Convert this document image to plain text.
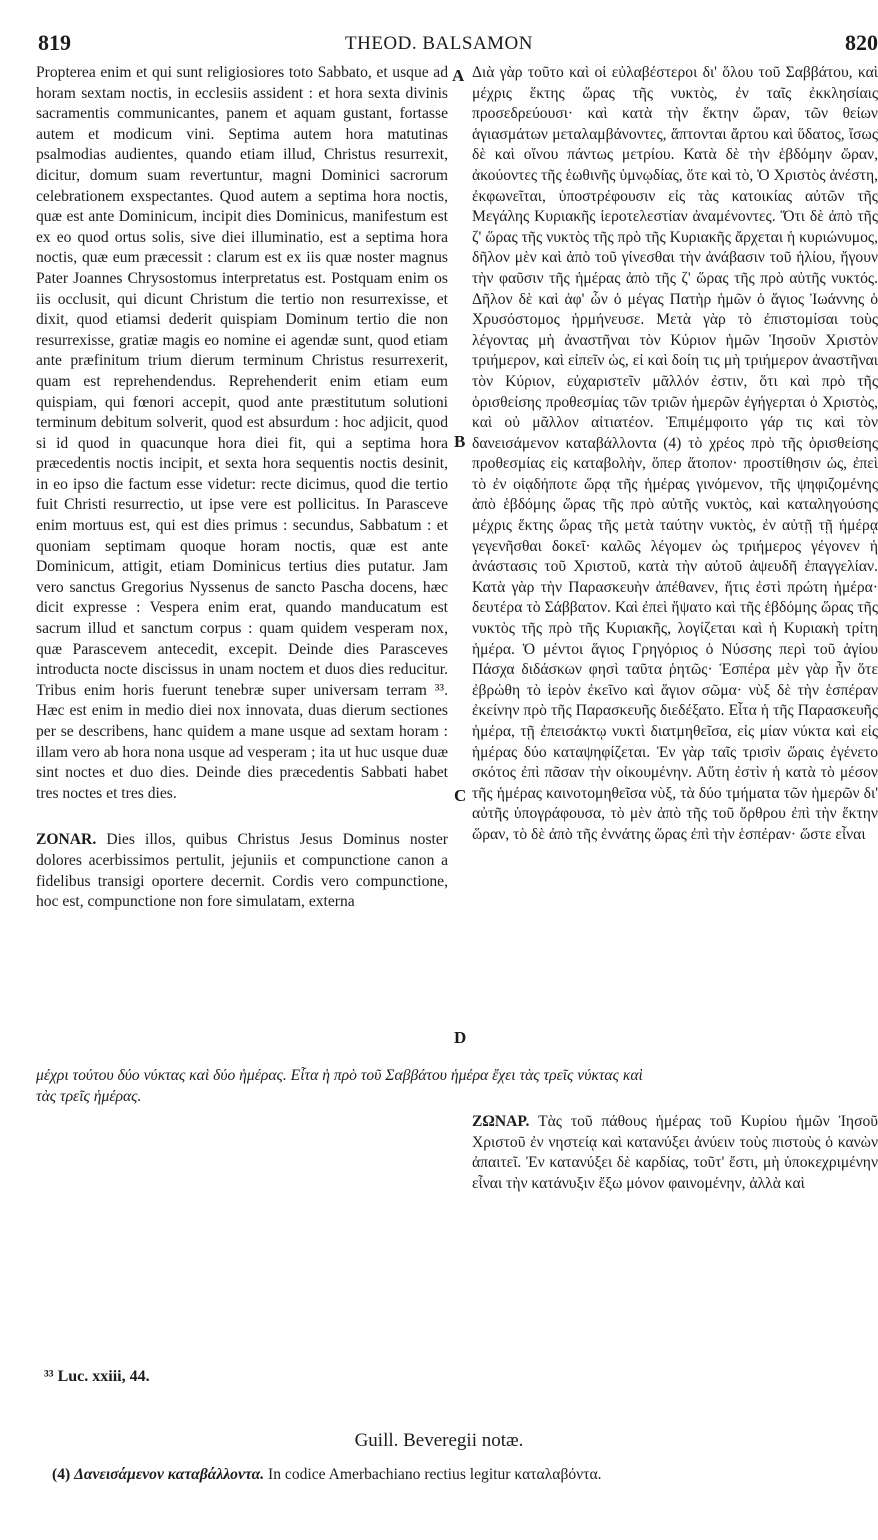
819	THEOD. BALSAMON	820

Propterea enim et qui sunt religiosiores toto Sabbato, et usque ad horam sextam noctis, in ecclesiis assident : et hora sexta divinis sacramentis communicantes, panem et aquam gustant, fortasse autem et modicum vini. Septima autem hora matutinas psalmodias audientes, quando etiam illud, Christus resurrexit, dicitur, domum suam revertuntur, magni Dominici sacrorum celebrationem exspectantes. Quod autem a septima hora noctis, quæ est ante Dominicum, incipit dies Dominicus, manifestum est ex eo quod ortus solis, sive diei illuminatio, est a septima hora noctis, quæ eum præcessit : clarum est ex iis quæ noster magnus Pater Joannes Chrysostomus interpretatus est. Postquam enim os iis occlusit, qui dicunt Christum die tertio non resurrexisse, et dixit, quod etiamsi dederit quispiam Dominum tertio die non resurrexisse, gratiæ magis eo nomine ei agendæ sunt, quod etiam ante præfinitum trium dierum terminum Christus resurrexerit, quam est reprehendendus. Reprehenderit enim etiam eum quispiam, qui fœnori accepit, quod ante præstitutum solutioni terminum debitum solverit, quod est absurdum : hoc adjicit, quod si id quod in quacunque hora diei fit, qui a septima hora præcedentis noctis incipit, et sexta hora sequentis noctis desinit, in eo ipso die factum esse videtur: recte dicimus, quod die tertio fuit Christi resurrectio, ut ipse vere est pollicitus. In Parasceve enim mortuus est, qui est dies primus : secundus, Sabbatum : et quoniam septimam quoque horam noctis, quæ est ante Dominicum, attigit, etiam Dominicus tertius dies putatur. Jam vero sanctus Gregorius Nyssenus de sancto Pascha docens, hæc dicit expresse : Vespera enim erat, quando manducatum est sacrum illud et sanctum corpus : quam quidem vesperam nox, quæ Parascevem antecedit, excepit. Deinde dies Parasceves introducta nocte discissus in unam noctem et duos dies reducitur. Tribus enim horis fuerunt tenebræ super universam terram ³³. Hæc est enim in medio diei nox innovata, duas dierum sectiones per se describens, hanc quidem a mane usque ad sextam horam : illam vero ab hora nona usque ad vesperam ; ita ut huc usque duæ sint noctes et duo dies. Deinde dies præcedentis Sabbati habet tres noctes et tres dies.

ZONAR. Dies illos, quibus Christus Jesus Dominus noster dolores acerbissimos pertulit, jejuniis et compunctione canon a fidelibus transigi oportere decernit. Cordis vero compunctione, hoc est, compunctione non fore simulatam, externa

A
B
C
D

Διὰ γὰρ τοῦτο καὶ οἱ εὐλαβέστεροι δι' ὅλου τοῦ Σαββάτου, καὶ μέχρις ἕκτης ὥρας τῆς νυκτὸς, ἐν ταῖς ἐκκλησίαις προσεδρεύουσι· καὶ κατὰ τὴν ἕκτην ὥραν, τῶν θείων ἁγιασμάτων μεταλαμβάνοντες, ἅπτονται ἄρτου καὶ ὕδατος, ἴσως δὲ καὶ οἴνου πάντως μετρίου. Κατὰ δὲ τὴν ἑβδόμην ὥραν, ἀκούοντες τῆς ἑωθινῆς ὑμνῳδίας, ὅτε καὶ τὸ, Ὁ Χριστὸς ἀνέστη, ἐκφωνεῖται, ὑποστρέφουσιν εἰς τὰς κατοικίας αὐτῶν τῆς Μεγάλης Κυριακῆς ἱεροτελεστίαν ἀναμένοντες. Ὅτι δὲ ἀπὸ τῆς ζ' ὥρας τῆς νυκτὸς τῆς πρὸ τῆς Κυριακῆς ἄρχεται ἡ κυριώνυμος, δῆλον μὲν καὶ ἀπὸ τοῦ γίνεσθαι τὴν ἀνάβασιν τοῦ ἡλίου, ἤγουν τὴν φαῦσιν τῆς ἡμέρας ἀπὸ τῆς ζ' ὥρας τῆς πρὸ αὐτῆς νυκτός. Δῆλον δὲ καὶ ἀφ' ὧν ὁ μέγας Πατὴρ ἡμῶν ὁ ἅγιος Ἰωάννης ὁ Χρυσόστομος ἡρμήνευσε. Μετὰ γὰρ τὸ ἐπιστομίσαι τοὺς λέγοντας μὴ ἀναστῆναι τὸν Κύριον ἡμῶν Ἰησοῦν Χριστὸν τριήμερον, καὶ εἰπεῖν ὡς, εἰ καὶ δοίη τις μὴ τριήμερον ἀναστῆναι τὸν Κύριον, εὐχαριστεῖν μᾶλλόν ἐστιν, ὅτι καὶ πρὸ τῆς ὁρισθείσης προθεσμίας τῶν τριῶν ἡμερῶν ἐγήγερται ὁ Χριστὸς, καὶ οὐ μᾶλλον αἰτιατέον. Ἐπιμέμφοιτο γάρ τις καὶ τὸν δανεισάμενον καταβάλλοντα (4) τὸ χρέος πρὸ τῆς ὁρισθείσης προθεσμίας εἰς καταβολὴν, ὅπερ ἄτοπον· προστίθησιν ὡς, ἐπεὶ τὸ ἐν οἱᾳδήποτε ὥρᾳ τῆς ἡμέρας γινόμενον, τῆς ψηφιζομένης ἀπὸ ἑβδόμης ὥρας τῆς πρὸ αὐτῆς νυκτὸς, καὶ καταληγούσης μέχρις ἕκτης ὥρας τῆς μετὰ ταύτην νυκτὸς, ἐν αὐτῇ τῇ ἡμέρᾳ γεγενῆσθαι δοκεῖ· καλῶς λέγομεν ὡς τριήμερος γέγονεν ἡ ἀνάστασις τοῦ Χριστοῦ, κατὰ τὴν αὐτοῦ ἀψευδῆ ἐπαγγελίαν. Κατὰ γὰρ τὴν Παρασκευὴν ἀπέθανεν, ἥτις ἐστὶ πρώτη ἡμέρα· δευτέρα τὸ Σάββατον. Καὶ ἐπεὶ ἥψατο καὶ τῆς ἑβδόμης ὥρας τῆς νυκτὸς τῆς πρὸ τῆς Κυριακῆς, λογίζεται καὶ ἡ Κυριακὴ τρίτη ἡμέρα. Ὁ μέντοι ἅγιος Γρηγόριος ὁ Νύσσης περὶ τοῦ ἁγίου Πάσχα διδάσκων φησὶ ταῦτα ῥητῶς· Ἑσπέρα μὲν γὰρ ἦν ὅτε ἐβρώθη τὸ ἱερὸν ἐκεῖνο καὶ ἅγιον σῶμα· νὺξ δὲ τὴν ἑσπέραν ἐκείνην πρὸ τῆς Παρασκευῆς διεδέξατο. Εἶτα ἡ τῆς Παρασκευῆς ἡμέρα, τῇ ἐπεισάκτῳ νυκτὶ διατμηθεῖσα, εἰς μίαν νύκτα καὶ εἰς ἡμέρας δύο καταψηφίζεται. Ἐν γὰρ ταῖς τρισὶν ὥραις ἐγένετο σκότος ἐπὶ πᾶσαν τὴν οἰκουμένην. Αὕτη ἐστὶν ἡ κατὰ τὸ μέσον τῆς ἡμέρας καινοτομηθεῖσα νὺξ, τὰ δύο τμήματα τῶν ἡμερῶν δι' αὐτῆς ὑπογράφουσα, τὸ μὲν ἀπὸ τῆς τοῦ ὄρθρου ἐπὶ τὴν ἕκτην ὥραν, τὸ δὲ ἀπὸ τῆς ἐννάτης ὥρας ἐπὶ τὴν ἑσπέραν· ὥστε εἶναι

μέχρι τούτου δύο νύκτας καὶ δύο ἡμέρας. Εἶτα ἡ πρὸ τοῦ Σαββάτου ἡμέρα ἔχει τὰς τρεῖς νύκτας καὶ
τὰς τρεῖς ἡμέρας.

ΖΩΝΑΡ. Τὰς τοῦ πάθους ἡμέρας τοῦ Κυρίου ἡμῶν Ἰησοῦ Χριστοῦ ἐν νηστείᾳ καὶ κατανύξει ἀνύειν τοὺς πιστοὺς ὁ κανὼν ἀπαιτεῖ. Ἐν κατανύξει δὲ καρδίας, τοῦτ' ἔστι, μὴ ὑποκεχριμένην εἶναι τὴν κατάνυξιν ἔξω μόνον φαινομένην, ἀλλὰ καὶ

³³ Luc. xxiii, 44.
Guill. Beveregii notæ.
(4) Δανεισάμενον καταβάλλοντα. In codice Amerbachiano rectius legitur καταλαβόντα.
